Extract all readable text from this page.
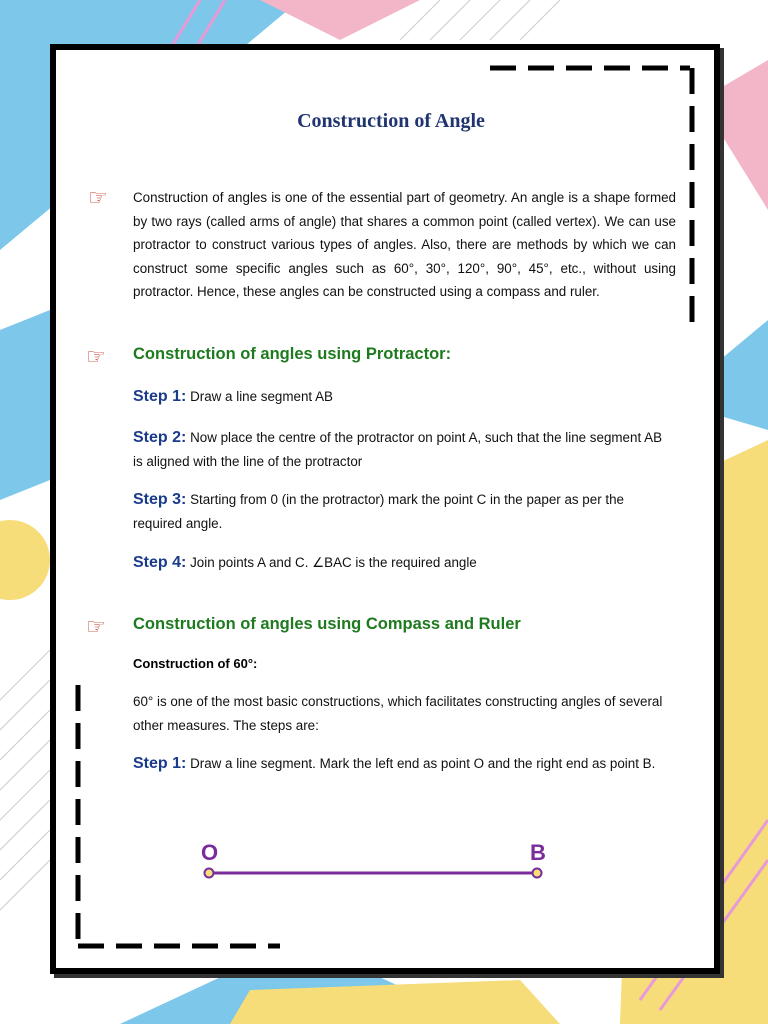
Construction of Angle
☞	Construction of angles is one of the essential part of geometry. An angle is a shape formed by two rays (called arms of angle) that shares a common point (called vertex). We can use protractor to construct various types of angles. Also, there are methods by which we can construct some specific angles such as 60°, 30°, 120°, 90°, 45°, etc., without using protractor. Hence, these angles can be constructed using a compass and ruler.
☞	Construction of angles using Protractor:
Step 1: Draw a line segment AB
Step 2: Now place the centre of the protractor on point A, such that the line segment AB is aligned with the line of the protractor
Step 3: Starting from 0 (in the protractor) mark the point C in the paper as per the required angle.
Step 4: Join points A and C. ∠BAC is the required angle
☞	Construction of angles using Compass and Ruler
Construction of 60°:
60° is one of the most basic constructions, which facilitates constructing angles of several other measures. The steps are:
Step 1: Draw a line segment. Mark the left end as point O and the right end as point B.
O	B
